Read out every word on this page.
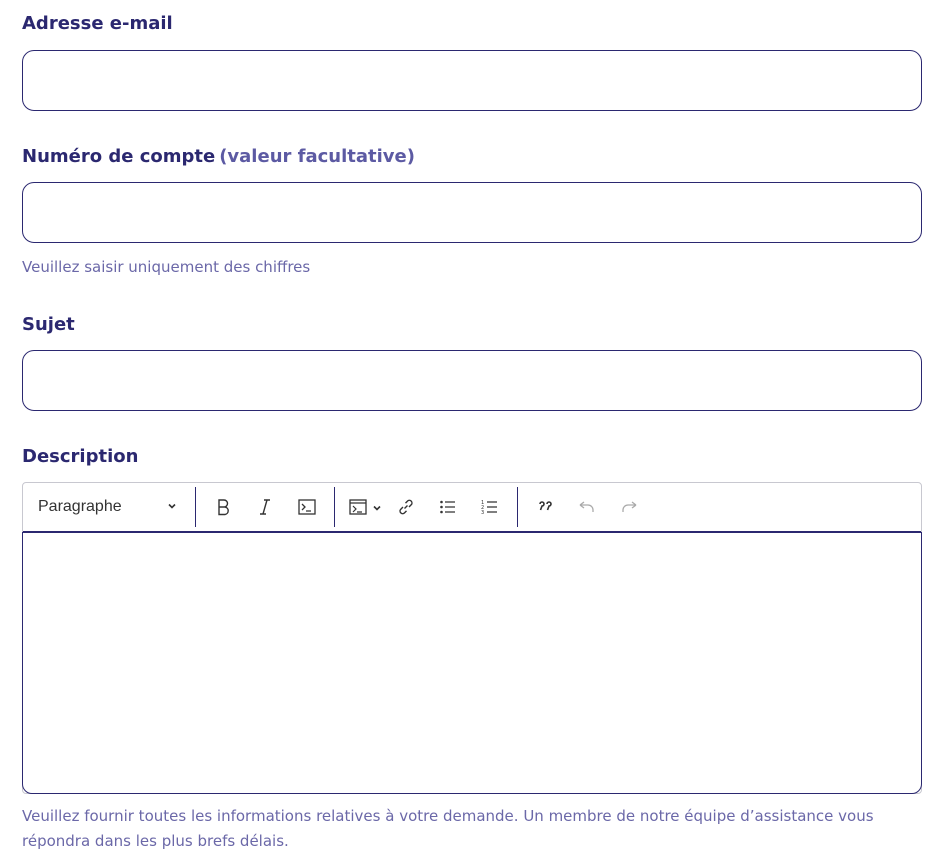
Adresse e-mail
Numéro de compte (valeur facultative)
Veuillez saisir uniquement des chiffres
Sujet
Description
Paragraphe	1
2
3
Veuillez fournir toutes les informations relatives à votre demande. Un membre de notre équipe d’assistance vous répondra dans les plus brefs délais.
